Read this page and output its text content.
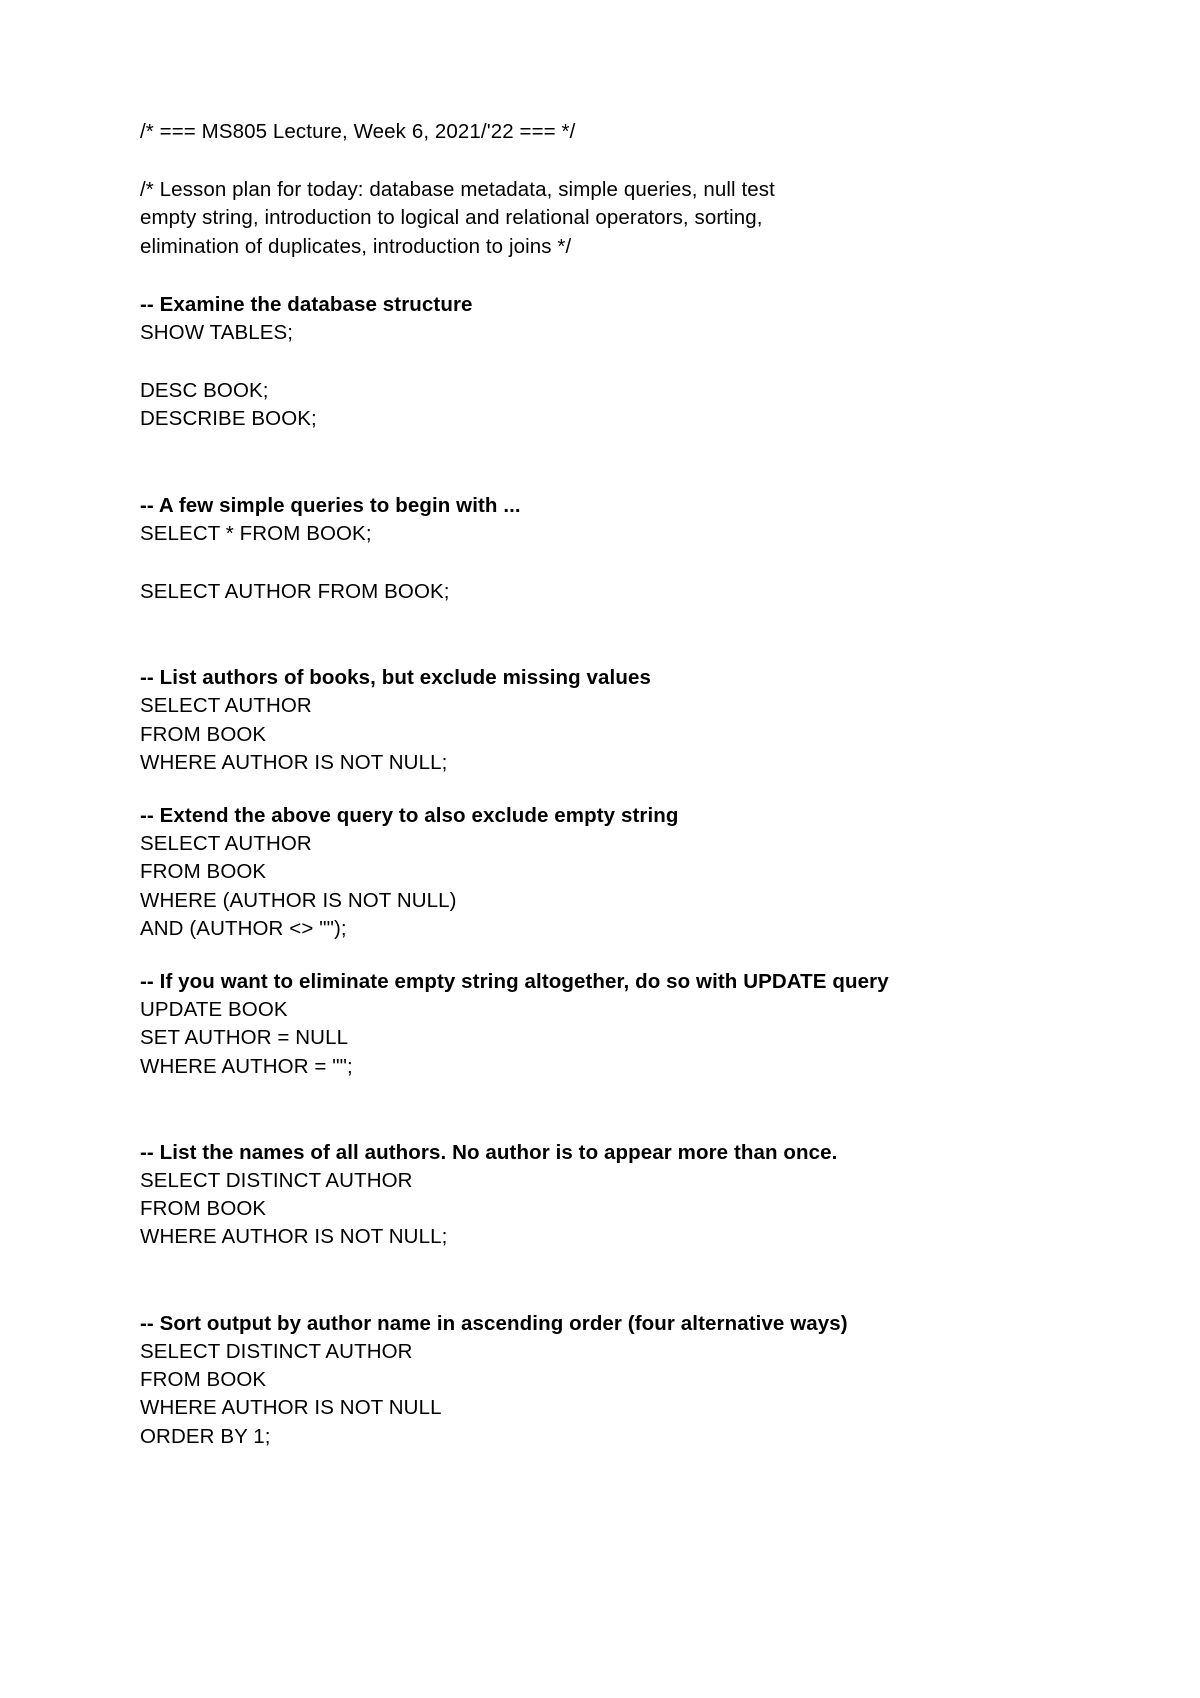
/* === MS805 Lecture, Week 6, 2021/'22 === */
/* Lesson plan for today: database metadata, simple queries, null test
empty string, introduction to logical and relational operators, sorting,
elimination of duplicates, introduction to joins */
-- Examine the database structure
SHOW TABLES;
DESC BOOK;
DESCRIBE BOOK;
-- A few simple queries to begin with ...
SELECT * FROM BOOK;
SELECT AUTHOR FROM BOOK;
-- List authors of books, but exclude missing values
SELECT AUTHOR
FROM BOOK
WHERE AUTHOR IS NOT NULL;
-- Extend the above query to also exclude empty string
SELECT AUTHOR
FROM BOOK
WHERE (AUTHOR IS NOT NULL)
AND (AUTHOR <> "");
-- If you want to eliminate empty string altogether, do so with UPDATE query
UPDATE BOOK
SET AUTHOR = NULL
WHERE AUTHOR = "";
-- List the names of all authors. No author is to appear more than once.
SELECT DISTINCT AUTHOR
FROM BOOK
WHERE AUTHOR IS NOT NULL;
-- Sort output by author name in ascending order (four alternative ways)
SELECT DISTINCT AUTHOR
FROM BOOK
WHERE AUTHOR IS NOT NULL
ORDER BY 1;
